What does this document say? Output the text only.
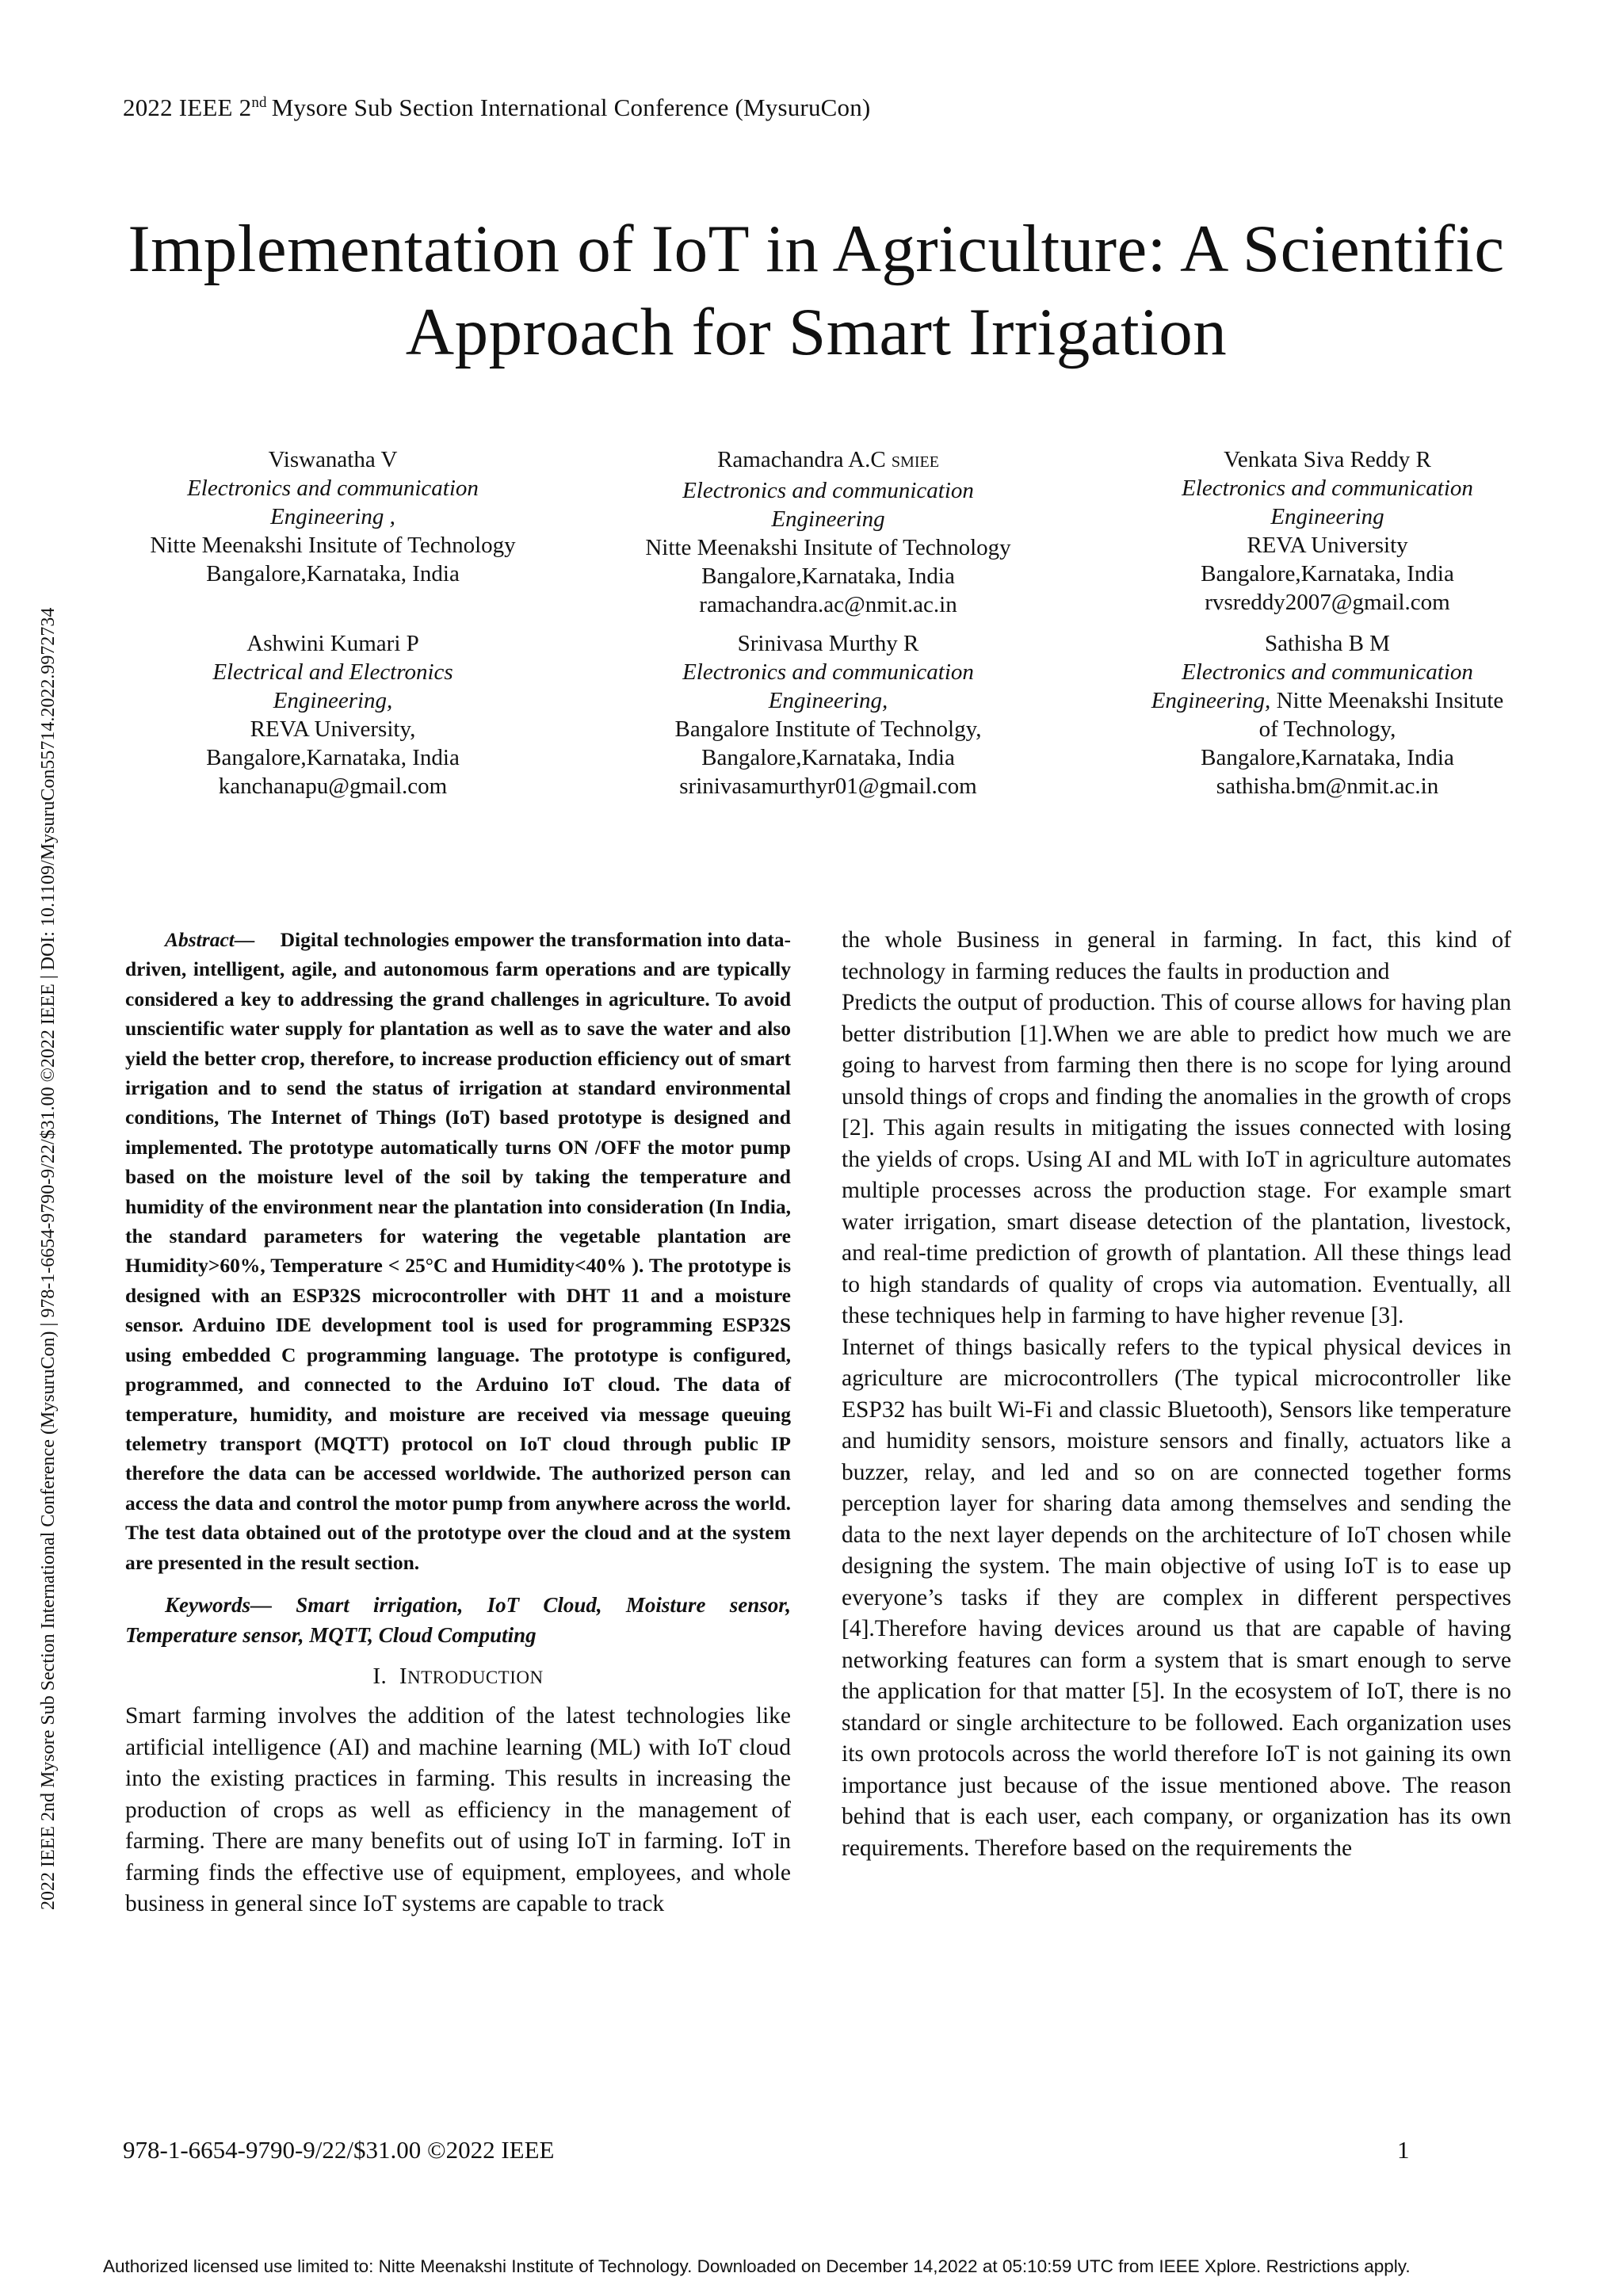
2022 IEEE 2nd Mysore Sub Section International Conference (MysuruCon)
Implementation of IoT in Agriculture: A Scientific
Approach for Smart Irrigation
2022 IEEE 2nd Mysore Sub Section International Conference (MysuruCon) | 978-1-6654-9790-9/22/$31.00 ©2022 IEEE | DOI: 10.1109/MysuruCon55714.2022.9972734
Viswanatha V
Electronics and communication
Engineering ,
Nitte Meenakshi Insitute of Technology
Bangalore,Karnataka, India
Ramachandra A.C SMIEE
Electronics and communication
Engineering
Nitte Meenakshi Insitute of Technology
Bangalore,Karnataka, India
ramachandra.ac@nmit.ac.in
Venkata Siva Reddy R
Electronics and communication
Engineering
REVA University
Bangalore,Karnataka, India
rvsreddy2007@gmail.com
Ashwini Kumari P
Electrical and Electronics
Engineering,
REVA University,
Bangalore,Karnataka, India
kanchanapu@gmail.com
Srinivasa Murthy R
Electronics and communication
Engineering,
Bangalore Institute of Technolgy,
Bangalore,Karnataka, India
srinivasamurthyr01@gmail.com
Sathisha B M
Electronics and communication
Engineering, Nitte Meenakshi Insitute
of Technology,
Bangalore,Karnataka, India
sathisha.bm@nmit.ac.in

Abstract— Digital technologies empower the transformation into data-driven, intelligent, agile, and autonomous farm operations and are typically considered a key to addressing the grand challenges in agriculture. To avoid unscientific water supply for plantation as well as to save the water and also yield the better crop, therefore, to increase production efficiency out of smart irrigation and to send the status of irrigation at standard environmental conditions, The Internet of Things (IoT) based prototype is designed and implemented. The prototype automatically turns ON /OFF the motor pump based on the moisture level of the soil by taking the temperature and humidity of the environment near the plantation into consideration (In India, the standard parameters for watering the vegetable plantation are Humidity>60%, Temperature < 25°C and Humidity<40% ). The prototype is designed with an ESP32S microcontroller with DHT 11 and a moisture sensor. Arduino IDE development tool is used for programming ESP32S using embedded C programming language. The prototype is configured, programmed, and connected to the Arduino IoT cloud. The data of temperature, humidity, and moisture are received via message queuing telemetry transport (MQTT) protocol on IoT cloud through public IP therefore the data can be accessed worldwide. The authorized person can access the data and control the motor pump from anywhere across the world. The test data obtained out of the prototype over the cloud and at the system are presented in the result section.

Keywords— Smart irrigation, IoT Cloud, Moisture sensor, Temperature sensor, MQTT, Cloud Computing

I. INTRODUCTION

Smart farming involves the addition of the latest technologies like artificial intelligence (AI) and machine learning (ML) with IoT cloud into the existing practices in farming. This results in increasing the production of crops as well as efficiency in the management of farming. There are many benefits out of using IoT in farming. IoT in farming finds the effective use of equipment, employees, and whole business in general since IoT systems are capable to track

the whole Business in general in farming. In fact, this kind of technology in farming reduces the faults in production and

Predicts the output of production. This of course allows for having plan better distribution [1].When we are able to predict how much we are going to harvest from farming then there is no scope for lying around unsold things of crops and finding the anomalies in the growth of crops [2]. This again results in mitigating the issues connected with losing the yields of crops. Using AI and ML with IoT in agriculture automates multiple processes across the production stage. For example smart water irrigation, smart disease detection of the plantation, livestock, and real-time prediction of growth of plantation. All these things lead to high standards of quality of crops via automation. Eventually, all these techniques help in farming to have higher revenue [3].

Internet of things basically refers to the typical physical devices in agriculture are microcontrollers (The typical microcontroller like ESP32 has built Wi-Fi and classic Bluetooth), Sensors like temperature and humidity sensors, moisture sensors and finally, actuators like a buzzer, relay, and led and so on are connected together forms perception layer for sharing data among themselves and sending the data to the next layer depends on the architecture of IoT chosen while designing the system. The main objective of using IoT is to ease up everyone’s tasks if they are complex in different perspectives [4].Therefore having devices around us that are capable of having networking features can form a system that is smart enough to serve the application for that matter [5]. In the ecosystem of IoT, there is no standard or single architecture to be followed. Each organization uses its own protocols across the world therefore IoT is not gaining its own importance just because of the issue mentioned above. The reason behind that is each user, each company, or organization has its own requirements. Therefore based on the requirements the

978-1-6654-9790-9/22/$31.00 ©2022 IEEE	1
Authorized licensed use limited to: Nitte Meenakshi Institute of Technology. Downloaded on December 14,2022 at 05:10:59 UTC from IEEE Xplore. Restrictions apply.
